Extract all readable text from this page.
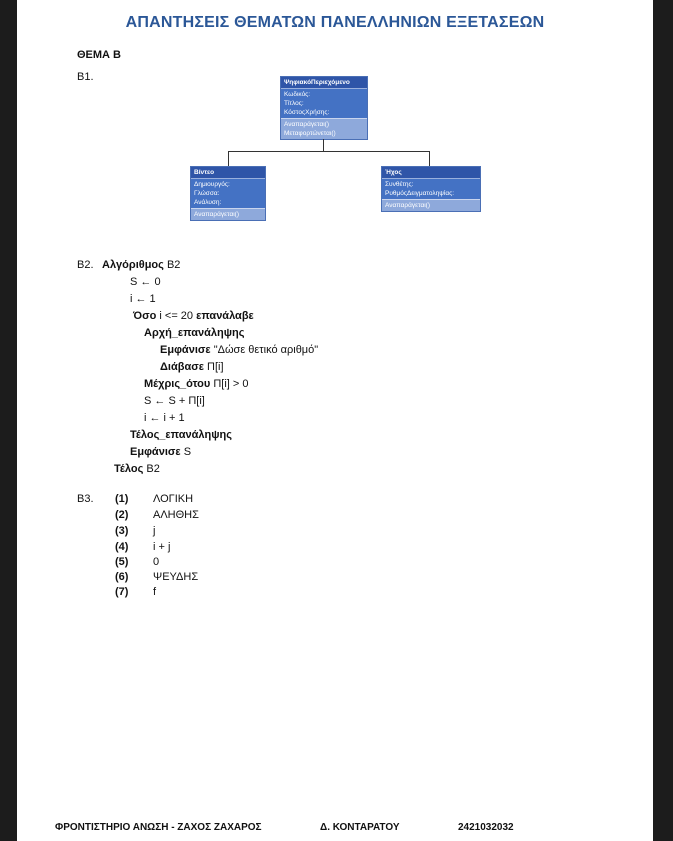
ΑΠΑΝΤΗΣΕΙΣ ΘΕΜΑΤΩΝ ΠΑΝΕΛΛΗΝΙΩΝ ΕΞΕΤΑΣΕΩΝ
ΘΕΜΑ Β
Β1.	ΨηφιακόΠεριεχόμενο
Κωδικός:
Τίτλος:
ΚόστοςΧρήσης:
Αναπαράγεται()
Μεταφορτώνεται()
Βίντεο
Δημιουργός:
Γλώσσα:
Ανάλυση:
Αναπαράγεται()
Ήχος
Συνθέτης:
ΡυθμόςΔειγματοληψίας:
Αναπαράγεται()
Β2. Αλγόριθμος Β2
S ← 0
i ← 1
Όσο i <= 20 επανάλαβε
Αρχή_επανάληψης
Εμφάνισε "Δώσε θετικό αριθμό"
Διάβασε Π[i]
Μέχρις_ότου Π[i] > 0
S ← S + Π[i]
i ← i + 1
Τέλος_επανάληψης
Εμφάνισε S
Τέλος Β2
Β3. (1) ΛΟΓΙΚΗ
(2) ΑΛΗΘΗΣ
(3) j
(4) i + j
(5) 0
(6) ΨΕΥΔΗΣ
(7) f
ΦΡΟΝΤΙΣΤΗΡΙΟ ΑΝΩΣΗ - ΖΑΧΟΣ ΖΑΧΑΡΟΣ	Δ. ΚΟΝΤΑΡΑΤΟΥ	2421032032
